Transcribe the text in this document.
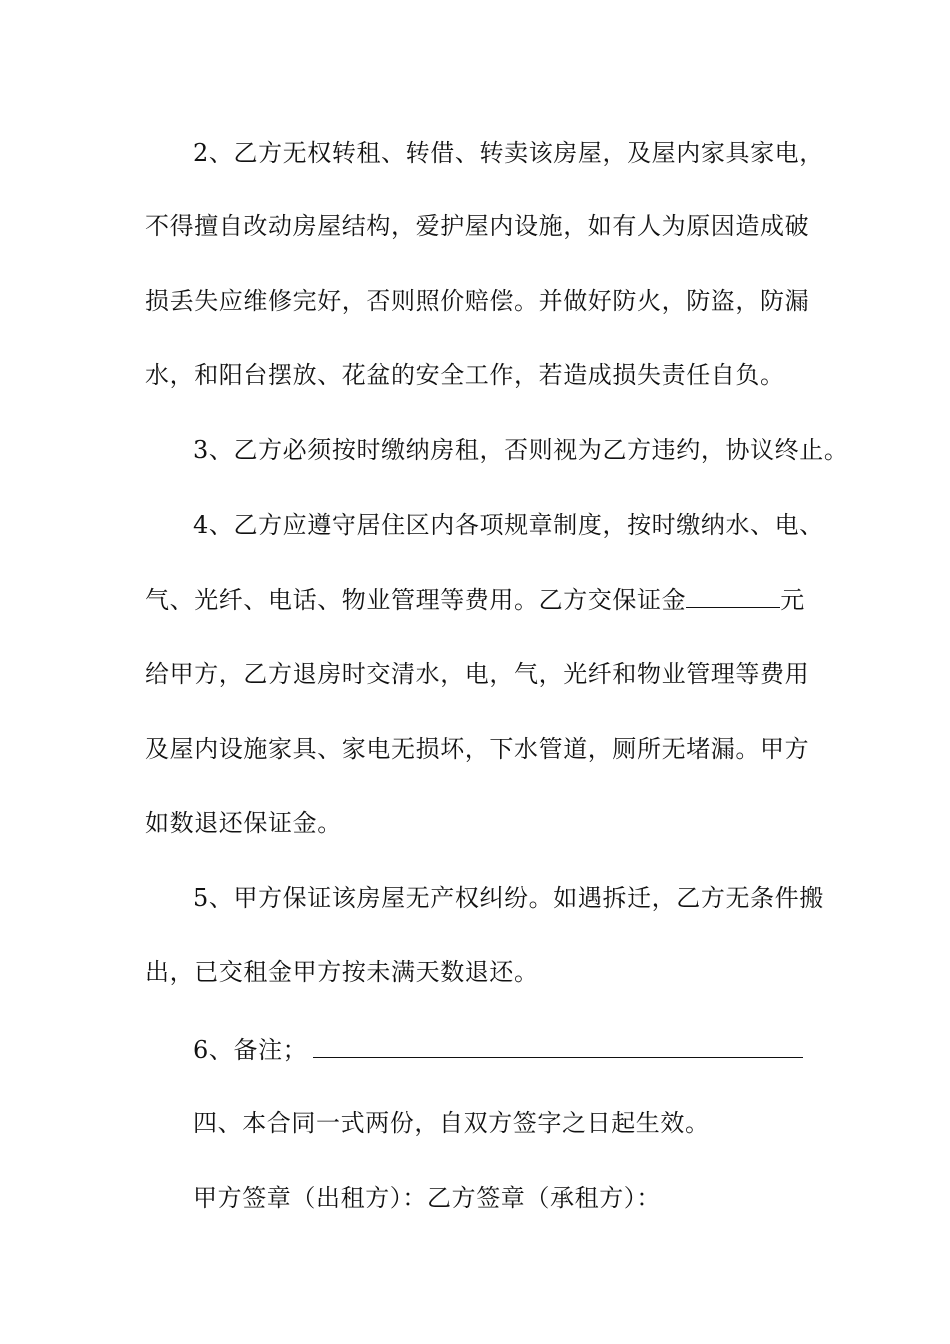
2、乙方无权转租、转借、转卖该房屋，及屋内家具家电，
不得擅自改动房屋结构，爱护屋内设施，如有人为原因造成破
损丢失应维修完好，否则照价赔偿。并做好防火，防盗，防漏
水，和阳台摆放、花盆的安全工作，若造成损失责任自负。
3、乙方必须按时缴纳房租，否则视为乙方违约，协议终止。
4、乙方应遵守居住区内各项规章制度，按时缴纳水、电、
气、光纤、电话、物业管理等费用。乙方交保证金	元
给甲方，乙方退房时交清水，电，气，光纤和物业管理等费用
及屋内设施家具、家电无损坏，下水管道，厕所无堵漏。甲方
如数退还保证金。
5、甲方保证该房屋无产权纠纷。如遇拆迁，乙方无条件搬
出，已交租金甲方按未满天数退还。
6、备注；
四、本合同一式两份，自双方签字之日起生效。
甲方签章（出租方）：乙方签章（承租方）：
